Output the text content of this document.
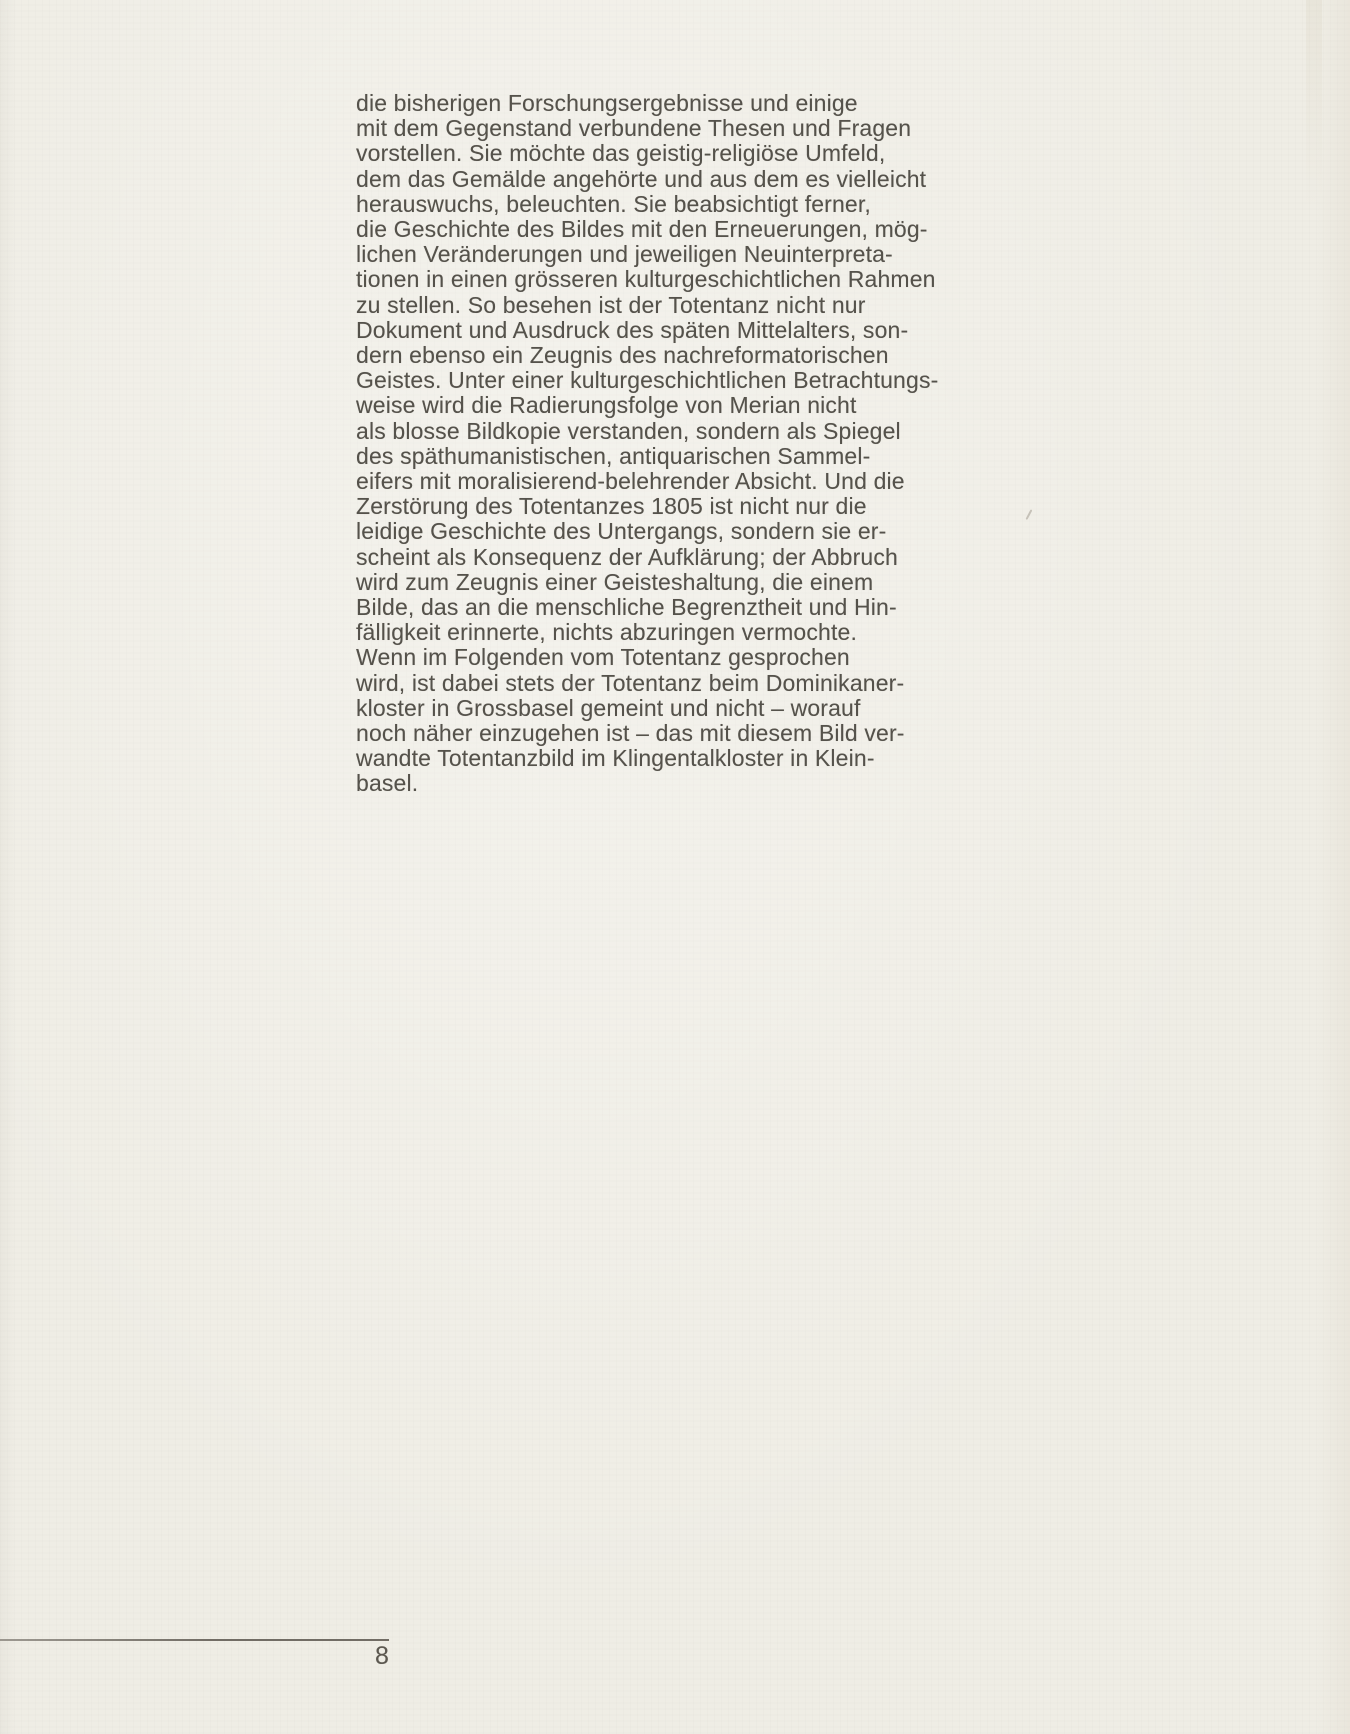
die bisherigen Forschungsergebnisse und einige
mit dem Gegenstand verbundene Thesen und Fragen
vorstellen. Sie möchte das geistig-religiöse Umfeld,
dem das Gemälde angehörte und aus dem es vielleicht
herauswuchs, beleuchten. Sie beabsichtigt ferner,
die Geschichte des Bildes mit den Erneuerungen, mög-
lichen Veränderungen und jeweiligen Neuinterpreta-
tionen in einen grösseren kulturgeschichtlichen Rahmen
zu stellen. So besehen ist der Totentanz nicht nur
Dokument und Ausdruck des späten Mittelalters, son-
dern ebenso ein Zeugnis des nachreformatorischen
Geistes. Unter einer kulturgeschichtlichen Betrachtungs-
weise wird die Radierungsfolge von Merian nicht
als blosse Bildkopie verstanden, sondern als Spiegel
des späthumanistischen, antiquarischen Sammel-
eifers mit moralisierend-belehrender Absicht. Und die
Zerstörung des Totentanzes 1805 ist nicht nur die
leidige Geschichte des Untergangs, sondern sie er-
scheint als Konsequenz der Aufklärung; der Abbruch
wird zum Zeugnis einer Geisteshaltung, die einem
Bilde, das an die menschliche Begrenztheit und Hin-
fälligkeit erinnerte, nichts abzuringen vermochte.
Wenn im Folgenden vom Totentanz gesprochen
wird, ist dabei stets der Totentanz beim Dominikaner-
kloster in Grossbasel gemeint und nicht – worauf
noch näher einzugehen ist – das mit diesem Bild ver-
wandte Totentanzbild im Klingentalkloster in Klein-
basel.
8
